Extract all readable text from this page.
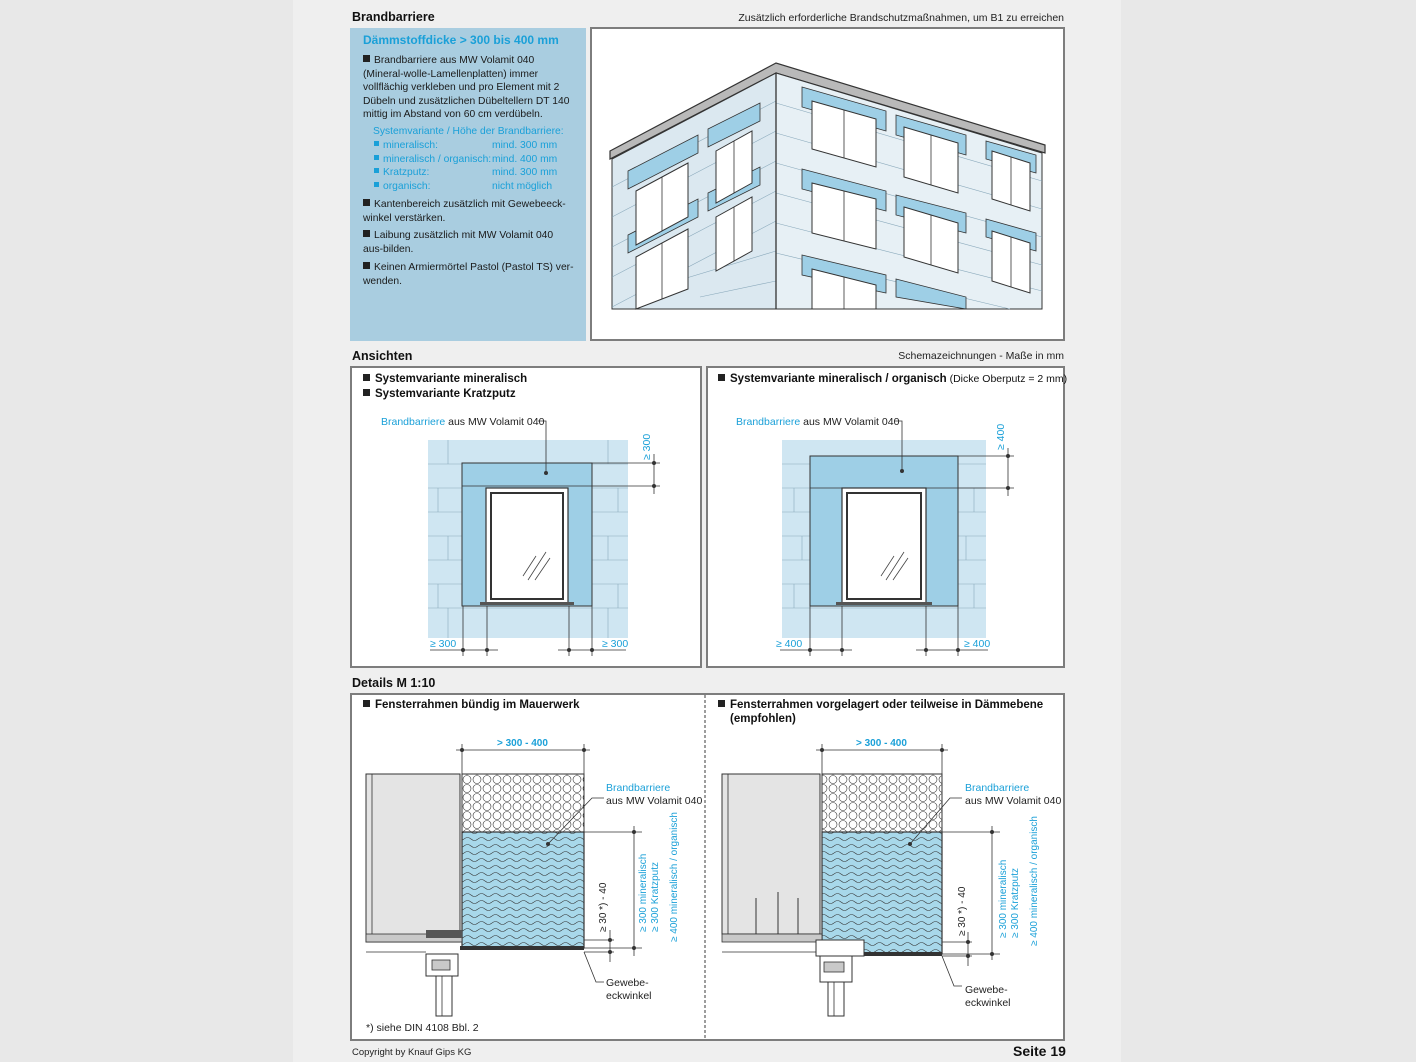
Brandbarriere	Zusätzlich erforderliche Brandschutzmaßnahmen, um B1 zu erreichen
Dämmstoffdicke > 300 bis 400 mm
Brandbarriere aus MW Volamit 040 (Mineral-wolle-Lamellenplatten) immer vollflächig verkleben und pro Element mit 2 Dübeln und zusätzlichen Dübeltellern DT 140 mittig im Abstand von 60 cm verdübeln.
Systemvariante / Höhe der Brandbarriere:
mineralisch:	mind. 300 mm
mineralisch / organisch: mind. 400 mm
Kratzputz:	mind. 300 mm
organisch:	nicht möglich
Kantenbereich zusätzlich mit Gewebeeck-winkel verstärken.
Laibung zusätzlich mit MW Volamit 040 aus-bilden.
Keinen Armiermörtel Pastol (Pastol TS) ver-wenden.
Ansichten	Schemazeichnungen - Maße in mm
Systemvariante mineralisch
Systemvariante Kratzputz
Systemvariante mineralisch / organisch (Dicke Oberputz = 2 mm)
Brandbarriere aus MW Volamit 040	Brandbarriere aus MW Volamit 040
≥ 300
≥ 300	≥ 300
≥ 400
≥ 400	≥ 400
Details M 1:10
Fensterrahmen bündig im Mauerwerk	Fensterrahmen vorgelagert oder teilweise in Dämmebene
(empfohlen)
> 300 - 400
≥ 30 *) - 40	≥ 300 mineralisch ≥ 300 Kratzputz ≥ 400 mineralisch / organisch
Brandbarriere
aus MW Volamit 040
Gewebe-
eckwinkel
*) siehe DIN 4108 Bbl. 2
> 300 - 400
≥ 30 *) - 40	≥ 300 mineralisch ≥ 300 Kratzputz ≥ 400 mineralisch / organisch
Brandbarriere
aus MW Volamit 040
Gewebe-
eckwinkel
Copyright by Knauf Gips KG	Seite 19
